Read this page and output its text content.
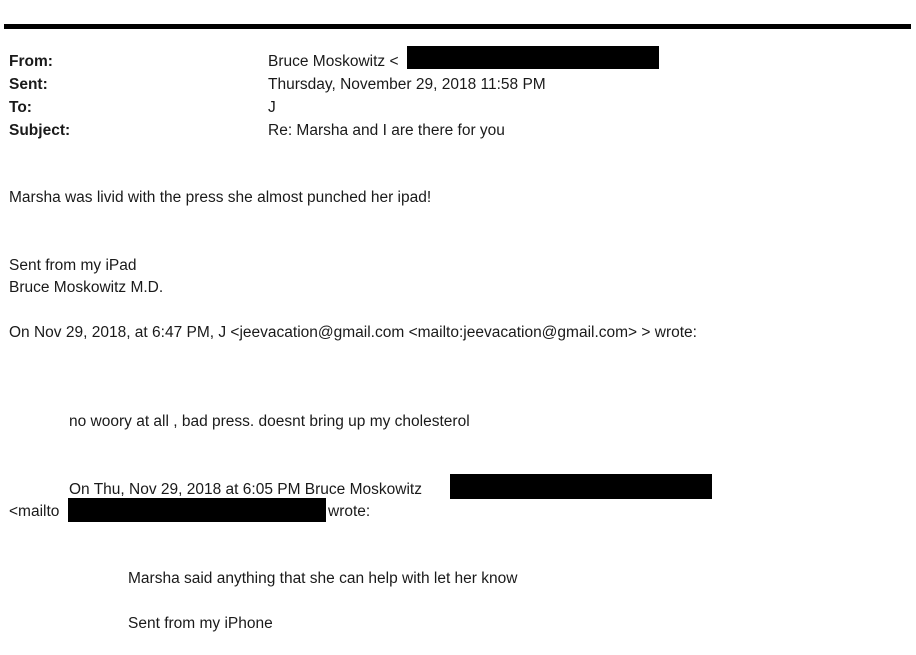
From:
Sent:
To:
Subject:
Bruce Moskowitz <
Thursday, November 29, 2018 11:58 PM
J
Re: Marsha and I are there for you
Marsha was livid with the press she almost punched her ipad!
Sent from my iPad
Bruce Moskowitz M.D.
On Nov 29, 2018, at 6:47 PM, J <jeevacation@gmail.com <mailto:jeevacation@gmail.com> > wrote:
no woory at all , bad press. doesnt bring up my cholesterol
On Thu, Nov 29, 2018 at 6:05 PM Bruce Moskowitz
<mailto	wrote:
Marsha said anything that she can help with let her know
Sent from my iPhone
